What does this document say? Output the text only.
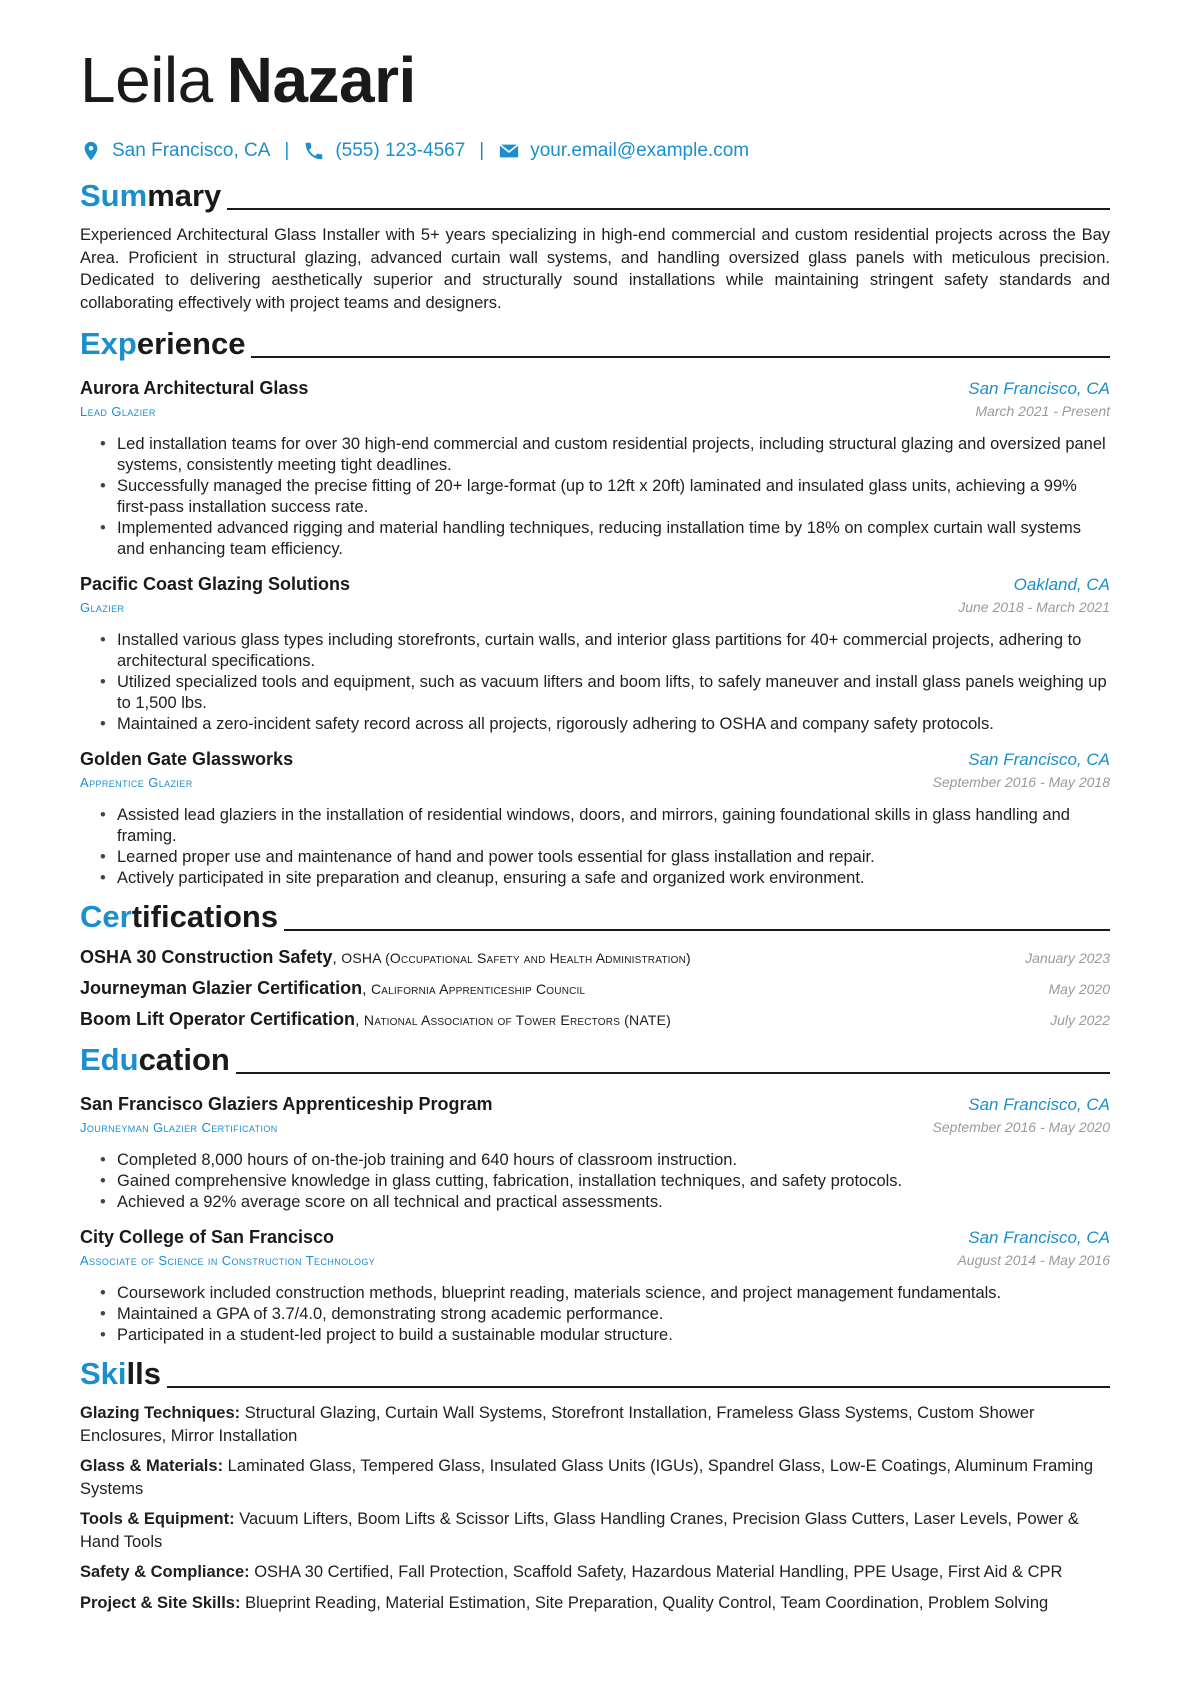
Leila Nazari
San Francisco, CA | (555) 123-4567 | your.email@example.com
Summary
Experienced Architectural Glass Installer with 5+ years specializing in high-end commercial and custom residential projects across the Bay Area. Proficient in structural glazing, advanced curtain wall systems, and handling oversized glass panels with meticulous precision. Dedicated to delivering aesthetically superior and structurally sound installations while maintaining stringent safety standards and collaborating effectively with project teams and designers.
Experience
Aurora Architectural Glass	San Francisco, CA
Lead Glazier	March 2021 - Present
• Led installation teams for over 30 high-end commercial and custom residential projects, including structural glazing and oversized panel systems, consistently meeting tight deadlines.
• Successfully managed the precise fitting of 20+ large-format (up to 12ft x 20ft) laminated and insulated glass units, achieving a 99% first-pass installation success rate.
• Implemented advanced rigging and material handling techniques, reducing installation time by 18% on complex curtain wall systems and enhancing team efficiency.
Pacific Coast Glazing Solutions	Oakland, CA
Glazier	June 2018 - March 2021
• Installed various glass types including storefronts, curtain walls, and interior glass partitions for 40+ commercial projects, adhering to architectural specifications.
• Utilized specialized tools and equipment, such as vacuum lifters and boom lifts, to safely maneuver and install glass panels weighing up to 1,500 lbs.
• Maintained a zero-incident safety record across all projects, rigorously adhering to OSHA and company safety protocols.
Golden Gate Glassworks	San Francisco, CA
Apprentice Glazier	September 2016 - May 2018
• Assisted lead glaziers in the installation of residential windows, doors, and mirrors, gaining foundational skills in glass handling and framing.
• Learned proper use and maintenance of hand and power tools essential for glass installation and repair.
• Actively participated in site preparation and cleanup, ensuring a safe and organized work environment.
Certifications
OSHA 30 Construction Safety, OSHA (Occupational Safety and Health Administration)	January 2023
Journeyman Glazier Certification, California Apprenticeship Council	May 2020
Boom Lift Operator Certification, National Association of Tower Erectors (NATE)	July 2022
Education
San Francisco Glaziers Apprenticeship Program	San Francisco, CA
Journeyman Glazier Certification	September 2016 - May 2020
• Completed 8,000 hours of on-the-job training and 640 hours of classroom instruction.
• Gained comprehensive knowledge in glass cutting, fabrication, installation techniques, and safety protocols.
• Achieved a 92% average score on all technical and practical assessments.
City College of San Francisco	San Francisco, CA
Associate of Science in Construction Technology	August 2014 - May 2016
• Coursework included construction methods, blueprint reading, materials science, and project management fundamentals.
• Maintained a GPA of 3.7/4.0, demonstrating strong academic performance.
• Participated in a student-led project to build a sustainable modular structure.
Skills
Glazing Techniques: Structural Glazing, Curtain Wall Systems, Storefront Installation, Frameless Glass Systems, Custom Shower Enclosures, Mirror Installation
Glass & Materials: Laminated Glass, Tempered Glass, Insulated Glass Units (IGUs), Spandrel Glass, Low-E Coatings, Aluminum Framing Systems
Tools & Equipment: Vacuum Lifters, Boom Lifts & Scissor Lifts, Glass Handling Cranes, Precision Glass Cutters, Laser Levels, Power & Hand Tools
Safety & Compliance: OSHA 30 Certified, Fall Protection, Scaffold Safety, Hazardous Material Handling, PPE Usage, First Aid & CPR
Project & Site Skills: Blueprint Reading, Material Estimation, Site Preparation, Quality Control, Team Coordination, Problem Solving
